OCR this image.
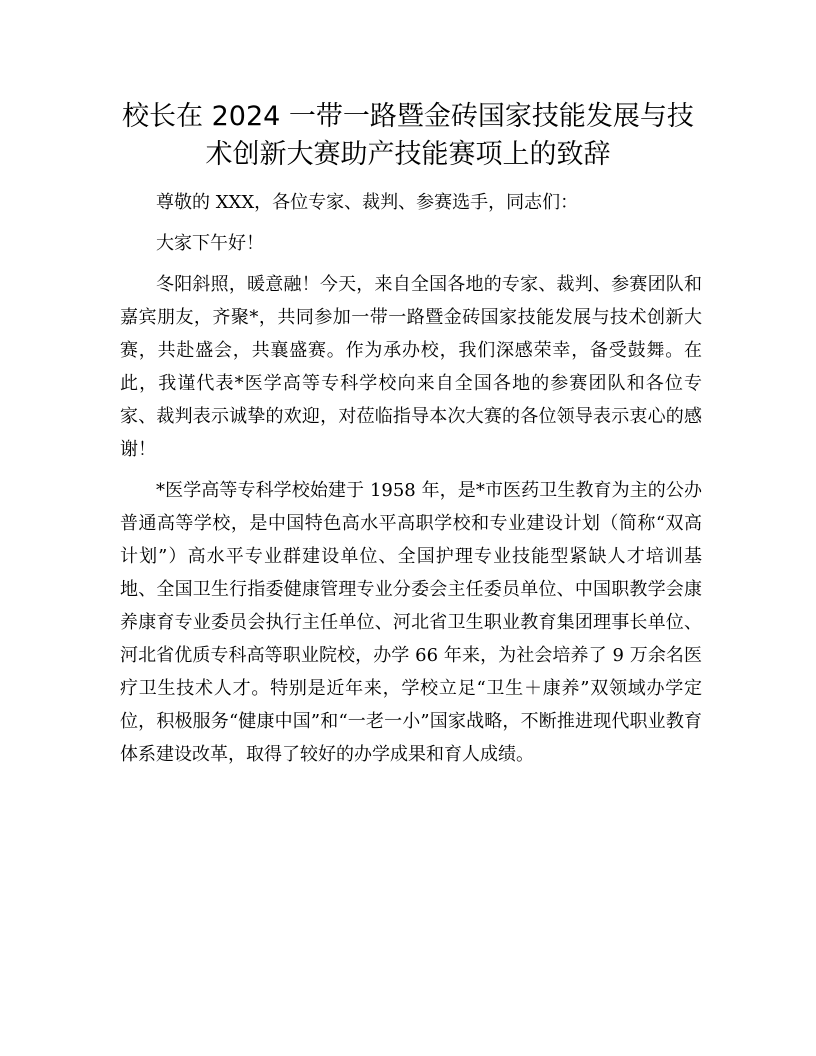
校长在 2024 一带一路暨金砖国家技能发展与技术创新大赛助产技能赛项上的致辞

尊敬的 XXX，各位专家、裁判、参赛选手，同志们：

大家下午好！

冬阳斜照，暖意融！今天，来自全国各地的专家、裁判、参赛团队和嘉宾朋友，齐聚*，共同参加一带一路暨金砖国家技能发展与技术创新大赛，共赴盛会，共襄盛赛。作为承办校，我们深感荣幸，备受鼓舞。在此，我谨代表*医学高等专科学校向来自全国各地的参赛团队和各位专家、裁判表示诚挚的欢迎，对莅临指导本次大赛的各位领导表示衷心的感谢！

*医学高等专科学校始建于 1958 年，是*市医药卫生教育为主的公办普通高等学校，是中国特色高水平高职学校和专业建设计划（简称“双高计划”）高水平专业群建设单位、全国护理专业技能型紧缺人才培训基地、全国卫生行指委健康管理专业分委会主任委员单位、中国职教学会康养康育专业委员会执行主任单位、河北省卫生职业教育集团理事长单位、河北省优质专科高等职业院校，办学 66 年来，为社会培养了 9 万余名医疗卫生技术人才。特别是近年来，学校立足“卫生＋康养”双领域办学定位，积极服务“健康中国”和“一老一小”国家战略，不断推进现代职业教育体系建设改革，取得了较好的办学成果和育人成绩。
